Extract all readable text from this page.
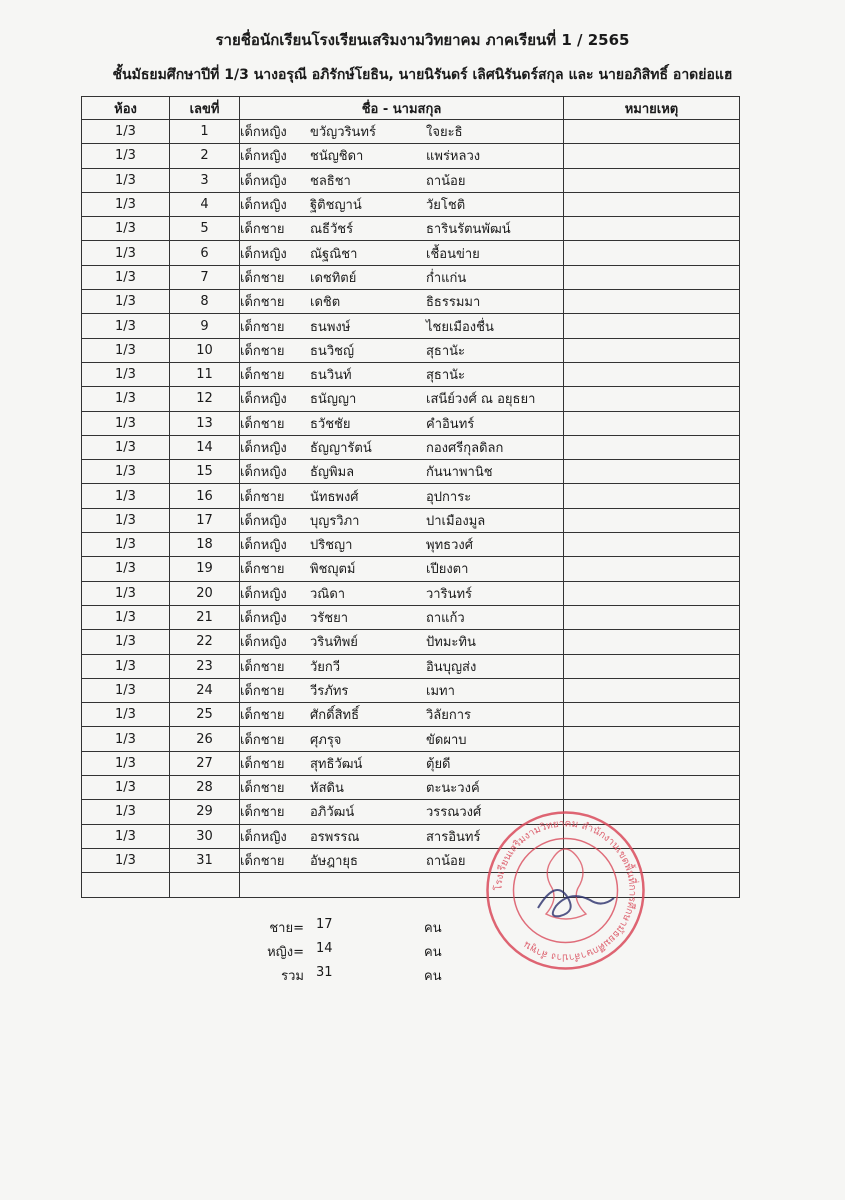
รายชื่อนักเรียนโรงเรียนเสริมงามวิทยาคม ภาคเรียนที่ 1 / 2565
ชั้นมัธยมศึกษาปีที่ 1/3 นางอรุณี อภิรักษ์โยธิน, นายนิรันดร์ เลิศนิรันดร์สกุล และ นายอภิสิทธิ์ อาดย่อแฮ
ห้อง	เลขที่	ชื่อ - นามสกุล	หมายเหตุ
1/3	1	เด็กหญิง ขวัญวรินทร์ ใจยะธิ	
1/3	2	เด็กหญิง ชนัญชิดา แพร่หลวง	
1/3	3	เด็กหญิง ชลธิชา ถาน้อย	
1/3	4	เด็กหญิง ฐิติชญาน์ วัยโชติ	
1/3	5	เด็กชาย ณธีวัชร์ ธารินรัตนพัฒน์	
1/3	6	เด็กหญิง ณัฐณิชา เชื้อนข่าย	
1/3	7	เด็กชาย เดชทิตย์ ก่ำแก่น	
1/3	8	เด็กชาย เดชิต ธิธรรมมา	
1/3	9	เด็กชาย ธนพงษ์ ไชยเมืองชื่น	
1/3	10	เด็กชาย ธนวิชญ์ สุธานัะ	
1/3	11	เด็กชาย ธนวินท์ สุธานัะ	
1/3	12	เด็กหญิง ธนัญญา เสนีย์วงศ์ ณ อยุธยา	
1/3	13	เด็กชาย ธวัชชัย คำอินทร์	
1/3	14	เด็กหญิง ธัญญารัตน์ กองศรีกุลดิลก	
1/3	15	เด็กหญิง ธัญพิมล กันนาพานิช	
1/3	16	เด็กชาย นัทธพงศ์ อุปการะ	
1/3	17	เด็กหญิง บุญรวิภา ปาเมืองมูล	
1/3	18	เด็กหญิง ปริชญา พุทธวงศ์	
1/3	19	เด็กชาย พิชญุตม์ เปียงตา	
1/3	20	เด็กหญิง วณิดา วารินทร์	
1/3	21	เด็กหญิง วรัชยา ถาแก้ว	
1/3	22	เด็กหญิง วรินทิพย์ ปัทมะทิน	
1/3	23	เด็กชาย วัยกวี อินบุญส่ง	
1/3	24	เด็กชาย วีรภัทร เมทา	
1/3	25	เด็กชาย ศักดิ์สิทธิ์ วิลัยการ	
1/3	26	เด็กชาย ศุภรุจ ขัดผาบ	
1/3	27	เด็กชาย สุทธิวัฒน์ ตุ้ยดี	
1/3	28	เด็กชาย หัสดิน ตะนะวงค์	
1/3	29	เด็กชาย อภิวัฒน์ วรรณวงศ์	
1/3	30	เด็กหญิง อรพรรณ สารอินทร์	
1/3	31	เด็กชาย อัษฎายุธ ถาน้อย	

ชาย= 17	คน
หญิง= 14	คน
รวม 31	คน
โรงเรียนเสริมงามวิทยาคม สำนักงานเขตพื้นที่การศึกษามัธยมศึกษาลำปาง ลำพูน
